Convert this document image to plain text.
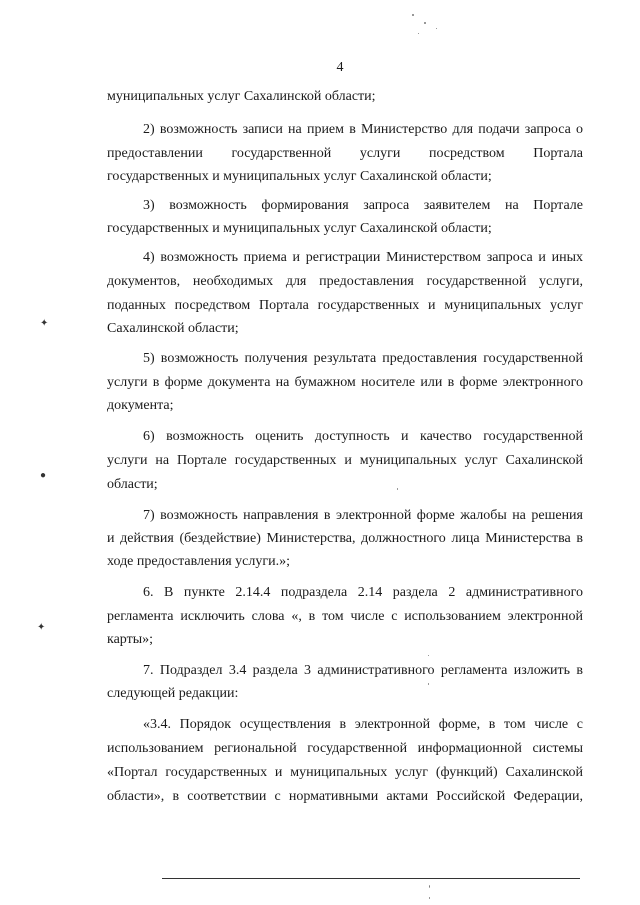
4
муниципальных услуг Сахалинской области;
2) возможность записи на прием в Министерство для подачи запроса о
предоставлении государственной услуги посредством Портала
государственных и муниципальных услуг Сахалинской области;
3) возможность формирования запроса заявителем на Портале
государственных и муниципальных услуг Сахалинской области;
4) возможность приема и регистрации Министерством запроса и иных
документов, необходимых для предоставления государственной услуги,
поданных посредством Портала государственных и муниципальных услуг
Сахалинской области;
5) возможность получения результата предоставления государственной
услуги в форме документа на бумажном носителе или в форме электронного
документа;
6) возможность оценить доступность и качество государственной
услуги на Портале государственных и муниципальных услуг Сахалинской
области;
7) возможность направления в электронной форме жалобы на решения
и действия (бездействие) Министерства, должностного лица Министерства в
ходе предоставления услуги.»;
6. В пункте 2.14.4 подраздела 2.14 раздела 2 административного
регламента исключить слова «, в том числе с использованием электронной
карты»;
7. Подраздел 3.4 раздела 3 административного регламента изложить в
следующей редакции:
«3.4. Порядок осуществления в электронной форме, в том числе с
использованием региональной государственной информационной системы
«Портал государственных и муниципальных услуг (функций) Сахалинской
области», в соответствии с нормативными актами Российской Федерации,
✦
●
✦
